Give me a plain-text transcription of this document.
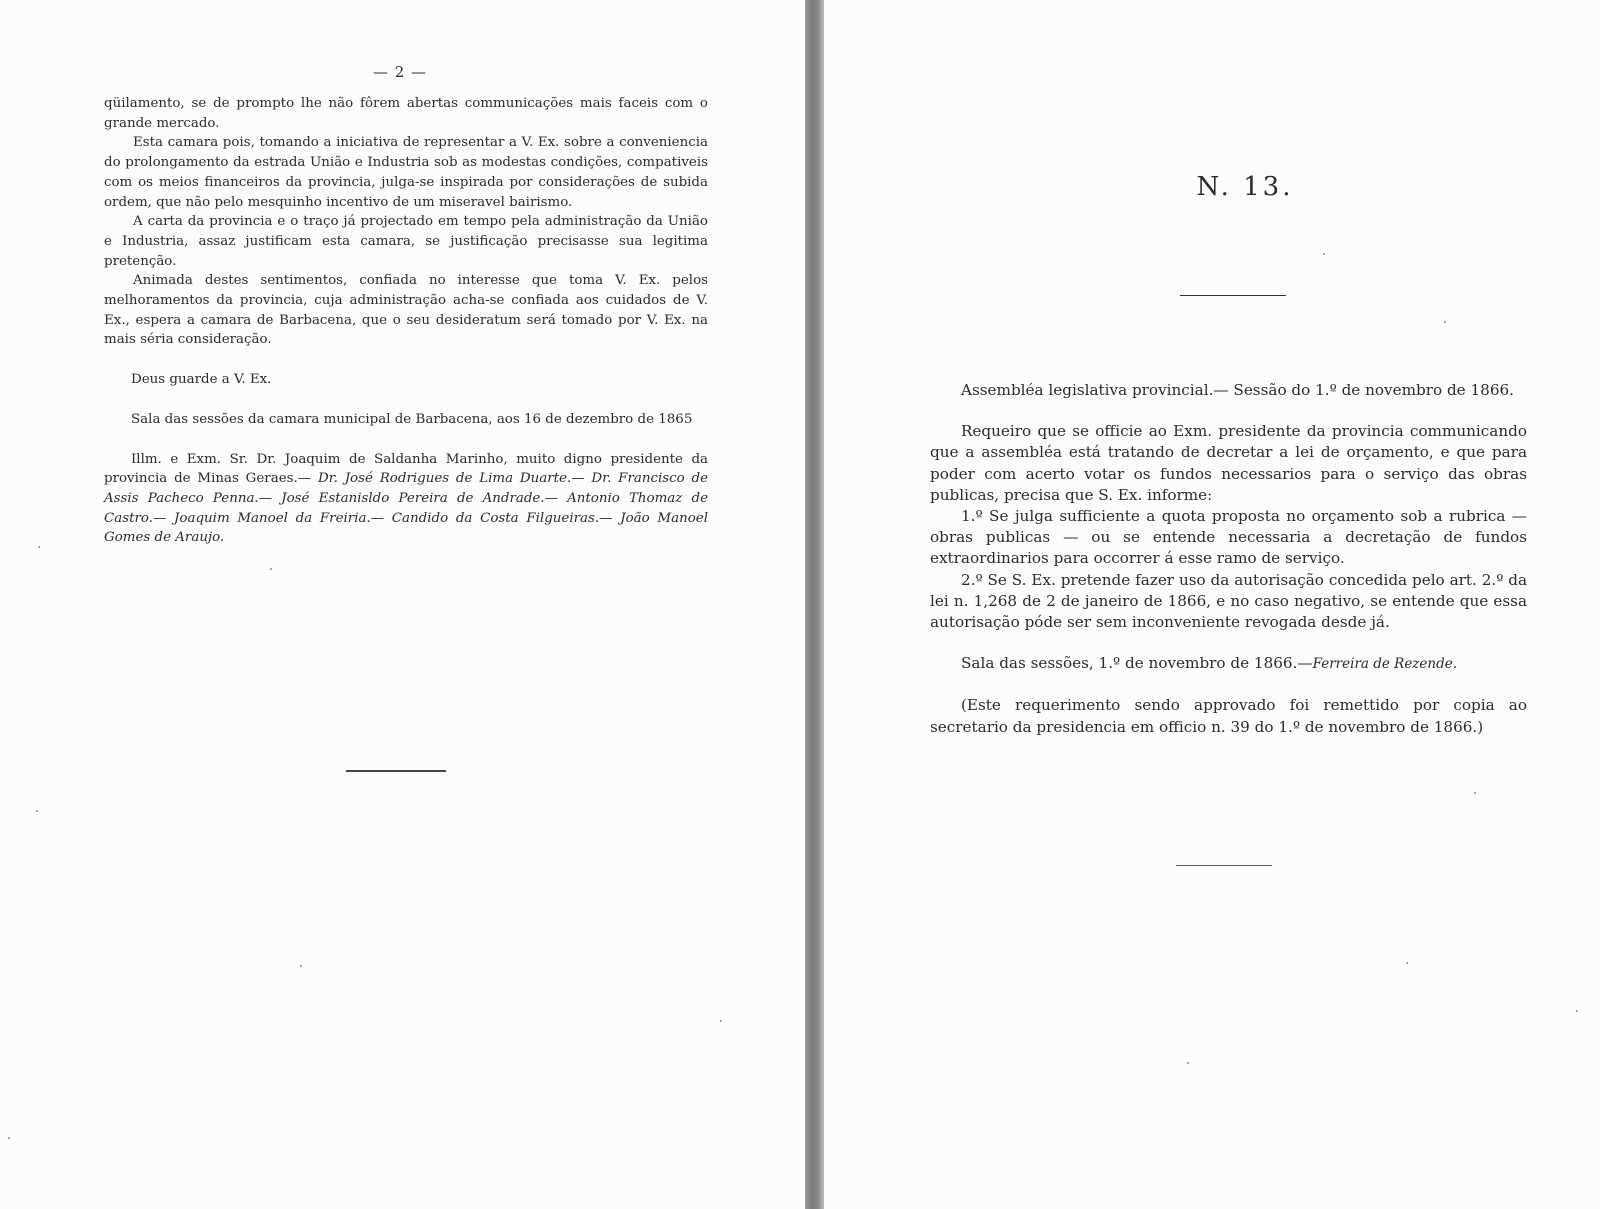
— 2 —

qüilamento, se de prompto lhe não fôrem abertas communicações mais faceis com o grande mercado.

Esta camara pois, tomando a iniciativa de representar a V. Ex. sobre a conveniencia do prolongamento da estrada União e Industria sob as modestas condições, compativeis com os meios financeiros da provincia, julga-se inspirada por considerações de subida ordem, que não pelo mesquinho incentivo de um miseravel bairismo.

A carta da provincia e o traço já projectado em tempo pela administração da União e Industria, assaz justificam esta camara, se justificação precisasse sua legitima pretenção.

Animada destes sentimentos, confiada no interesse que toma V. Ex. pelos melhoramentos da provincia, cuja administração acha-se confiada aos cuidados de V. Ex., espera a camara de Barbacena, que o seu desideratum será tomado por V. Ex. na mais séria consideração.

Deus guarde a V. Ex.

Sala das sessões da camara municipal de Barbacena, aos 16 de dezembro de 1865

Illm. e Exm. Sr. Dr. Joaquim de Saldanha Marinho, muito digno presidente da provincia de Minas Geraes.— Dr. José Rodrigues de Lima Duarte.— Dr. Francisco de Assis Pacheco Penna.— José Estanisldo Pereira de Andrade.— Antonio Thomaz de Castro.— Joaquim Manoel da Freiria.— Candido da Costa Filgueiras.— João Manoel Gomes de Araujo.

N. 13.

Assembléa legislativa provincial.— Sessão do 1.º de novembro de 1866.

Requeiro que se officie ao Exm. presidente da provincia communicando que a assembléa está tratando de decretar a lei de orçamento, e que para poder com acerto votar os fundos necessarios para o serviço das obras publicas, precisa que S. Ex. informe:

1.º Se julga sufficiente a quota proposta no orçamento sob a rubrica — obras publicas — ou se entende necessaria a decretação de fundos extraordinarios para occorrer á esse ramo de serviço.

2.º Se S. Ex. pretende fazer uso da autorisação concedida pelo art. 2.º da lei n. 1,268 de 2 de janeiro de 1866, e no caso negativo, se entende que essa autorisação póde ser sem inconveniente revogada desde já.

Sala das sessões, 1.º de novembro de 1866.—Ferreira de Rezende.

(Este requerimento sendo approvado foi remettido por copia ao secretario da presidencia em officio n. 39 do 1.º de novembro de 1866.)
